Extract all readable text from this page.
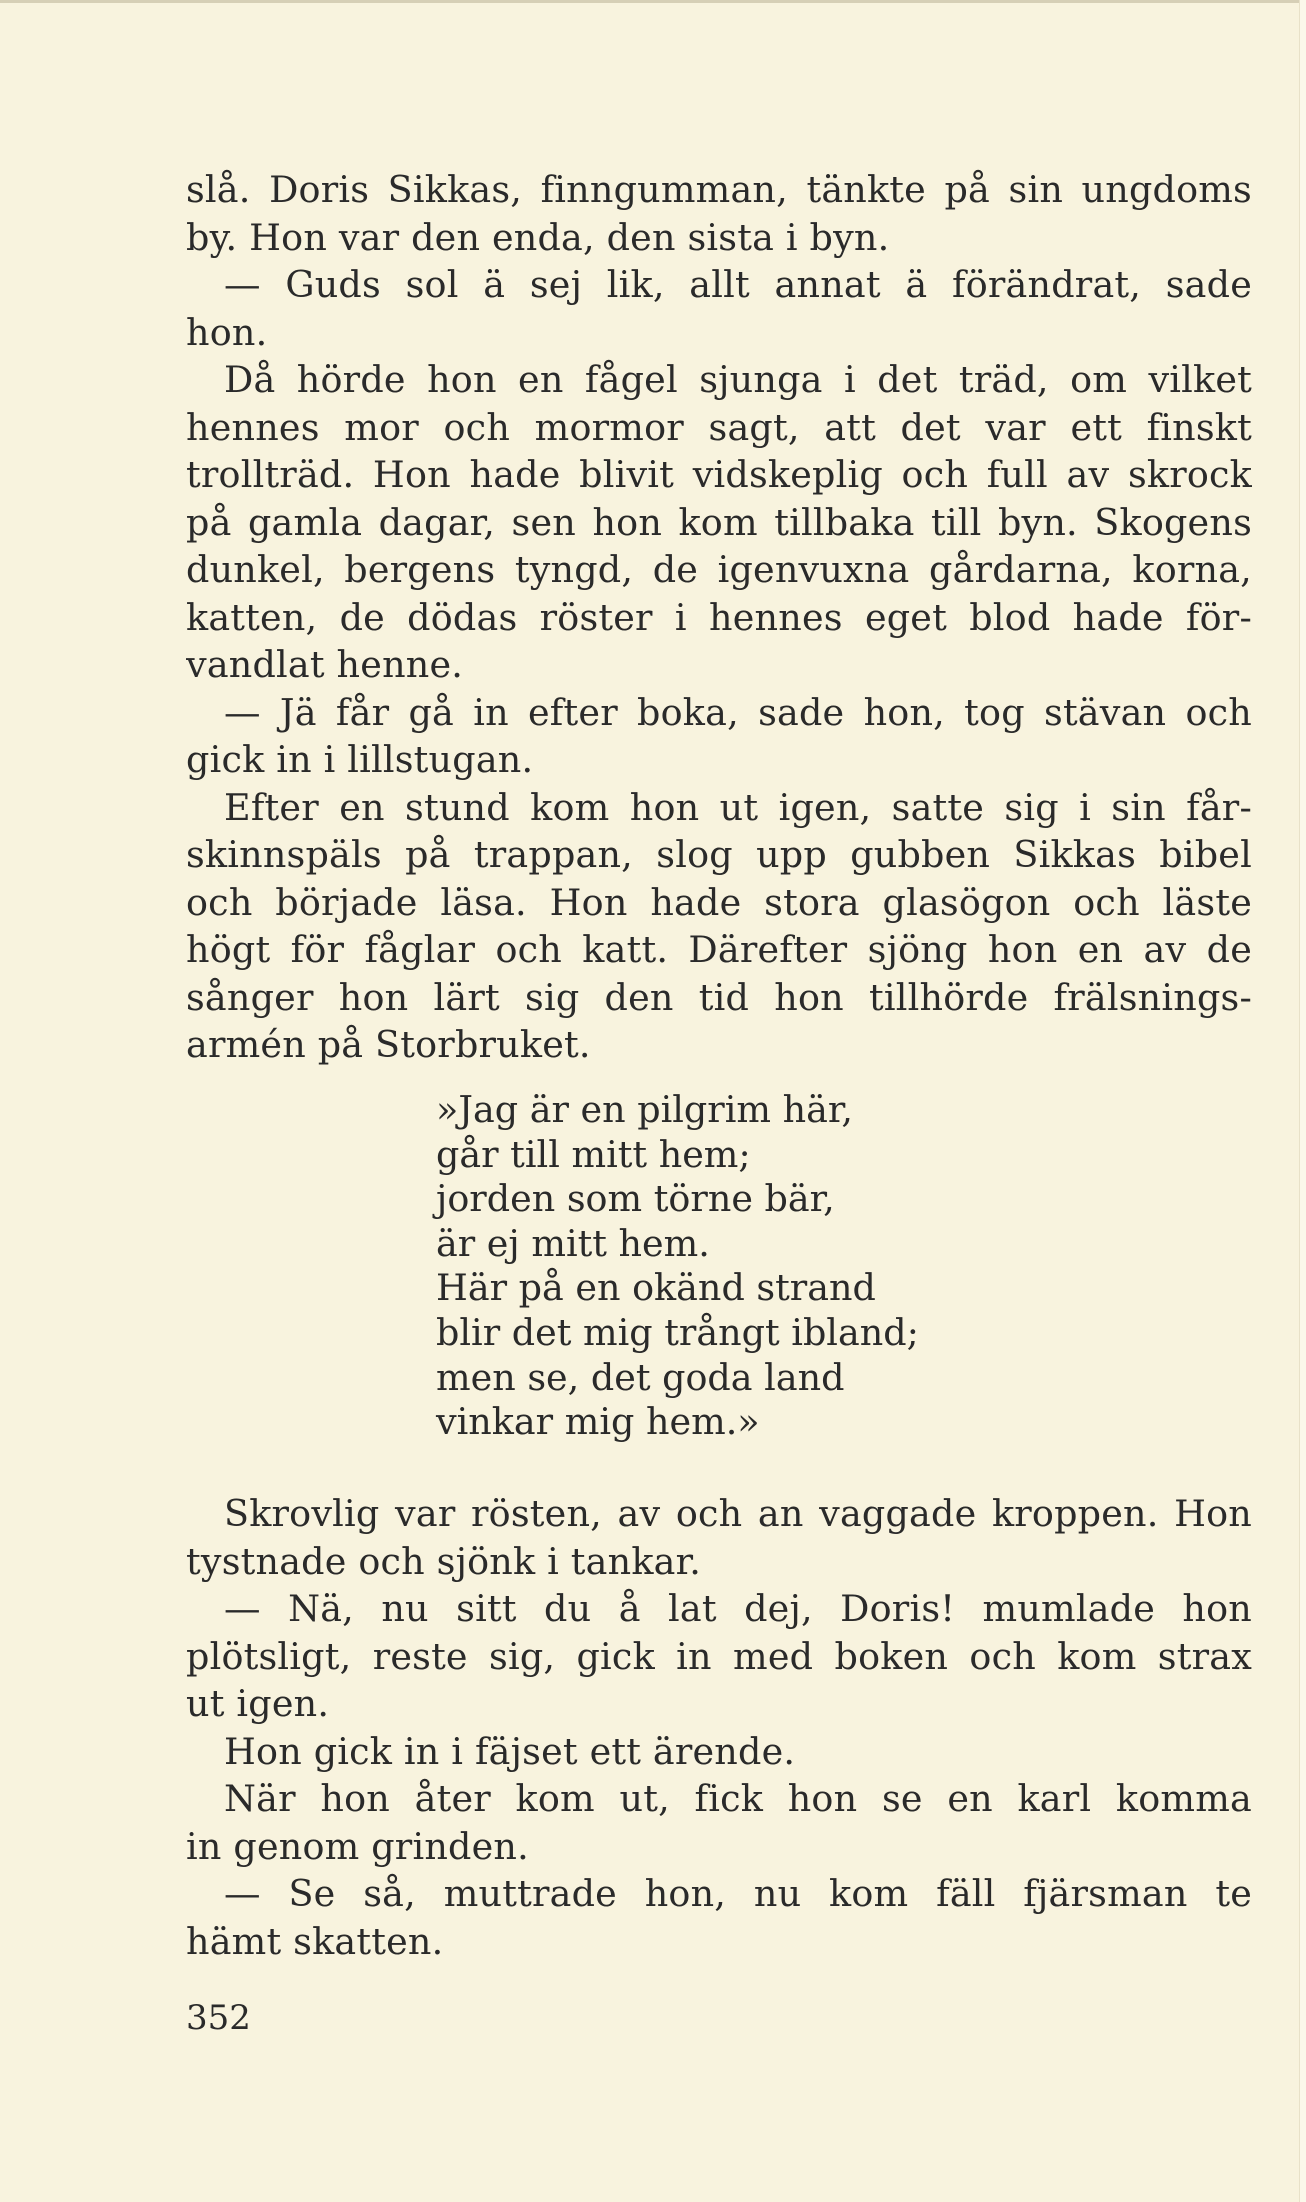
slå. Doris Sikkas, finngumman, tänkte på sin ungdoms
by. Hon var den enda, den sista i byn.
— Guds sol ä sej lik, allt annat ä förändrat, sade
hon.
Då hörde hon en fågel sjunga i det träd, om vilket
hennes mor och mormor sagt, att det var ett finskt
trollträd. Hon hade blivit vidskeplig och full av skrock
på gamla dagar, sen hon kom tillbaka till byn. Skogens
dunkel, bergens tyngd, de igenvuxna gårdarna, korna,
katten, de dödas röster i hennes eget blod hade för-
vandlat henne.
— Jä får gå in efter boka, sade hon, tog stävan och
gick in i lillstugan.
Efter en stund kom hon ut igen, satte sig i sin får-
skinnspäls på trappan, slog upp gubben Sikkas bibel
och började läsa. Hon hade stora glasögon och läste
högt för fåglar och katt. Därefter sjöng hon en av de
sånger hon lärt sig den tid hon tillhörde frälsnings-
armén på Storbruket.
»Jag är en pilgrim här,
går till mitt hem;
jorden som törne bär,
är ej mitt hem.
Här på en okänd strand
blir det mig trångt ibland;
men se, det goda land
vinkar mig hem.»
Skrovlig var rösten, av och an vaggade kroppen. Hon
tystnade och sjönk i tankar.
— Nä, nu sitt du å lat dej, Doris! mumlade hon
plötsligt, reste sig, gick in med boken och kom strax
ut igen.
Hon gick in i fäjset ett ärende.
När hon åter kom ut, fick hon se en karl komma
in genom grinden.
— Se så, muttrade hon, nu kom fäll fjärsman te
hämt skatten.
352
